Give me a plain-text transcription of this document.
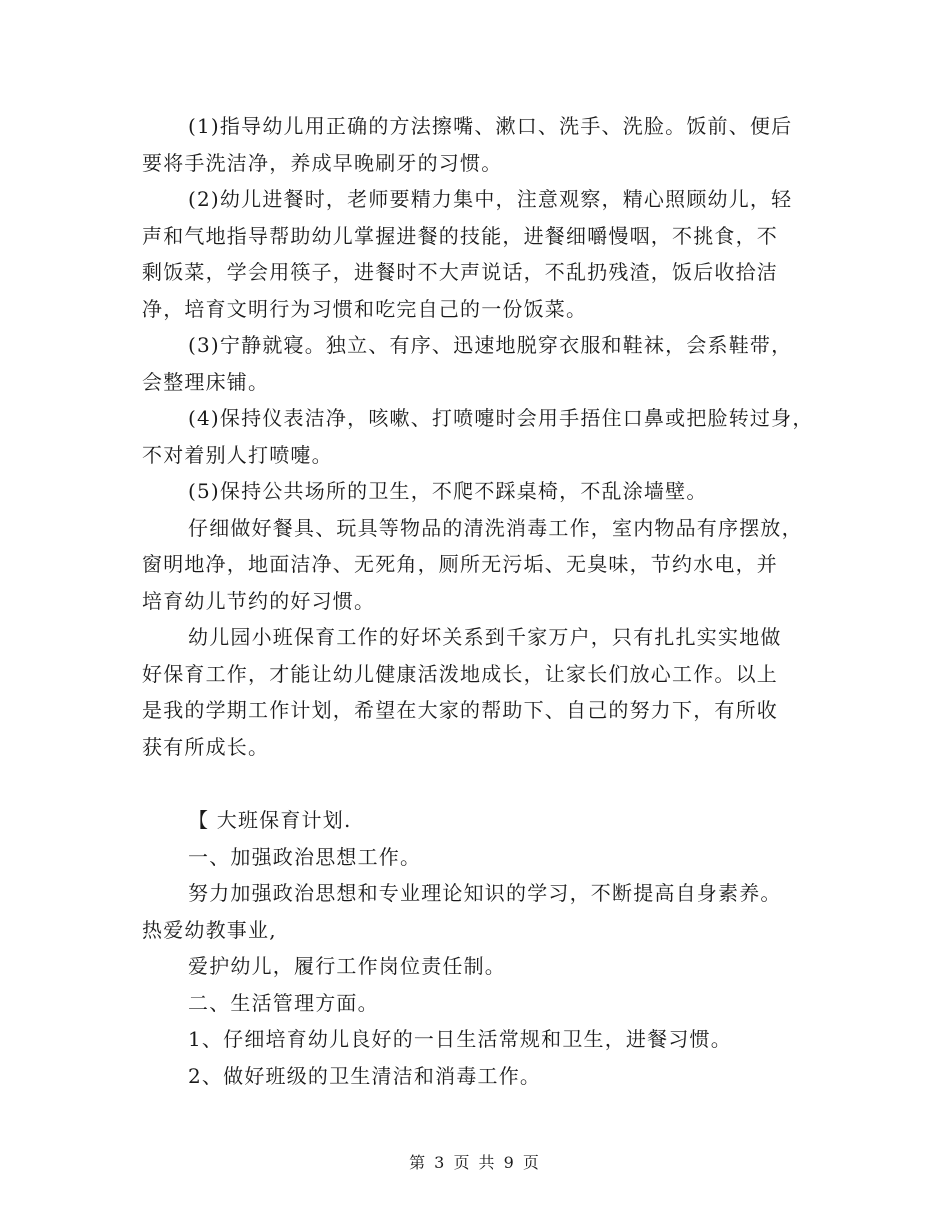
(1)指导幼儿用正确的方法擦嘴、漱口、洗手、洗脸。饭前、便后
要将手洗洁净，养成早晚刷牙的习惯。
(2)幼儿进餐时，老师要精力集中，注意观察，精心照顾幼儿，轻
声和气地指导帮助幼儿掌握进餐的技能，进餐细嚼慢咽，不挑食，不
剩饭菜，学会用筷子，进餐时不大声说话，不乱扔残渣，饭后收拾洁
净，培育文明行为习惯和吃完自己的一份饭菜。
(3)宁静就寝。独立、有序、迅速地脱穿衣服和鞋袜，会系鞋带，
会整理床铺。
(4)保持仪表洁净，咳嗽、打喷嚏时会用手捂住口鼻或把脸转过身，
不对着别人打喷嚏。
(5)保持公共场所的卫生，不爬不踩桌椅，不乱涂墙壁。
仔细做好餐具、玩具等物品的清洗消毒工作，室内物品有序摆放，
窗明地净，地面洁净、无死角，厕所无污垢、无臭味，节约水电，并
培育幼儿节约的好习惯。
幼儿园小班保育工作的好坏关系到千家万户，只有扎扎实实地做
好保育工作，才能让幼儿健康活泼地成长，让家长们放心工作。以上
是我的学期工作计划，希望在大家的帮助下、自己的努力下，有所收
获有所成长。
【 大班保育计划.
一、加强政治思想工作。
努力加强政治思想和专业理论知识的学习，不断提高自身素养。
热爱幼教事业,
爱护幼儿，履行工作岗位责任制。
二、生活管理方面。
1、仔细培育幼儿良好的一日生活常规和卫生，进餐习惯。
2、做好班级的卫生清洁和消毒工作。
第 3 页 共 9 页
